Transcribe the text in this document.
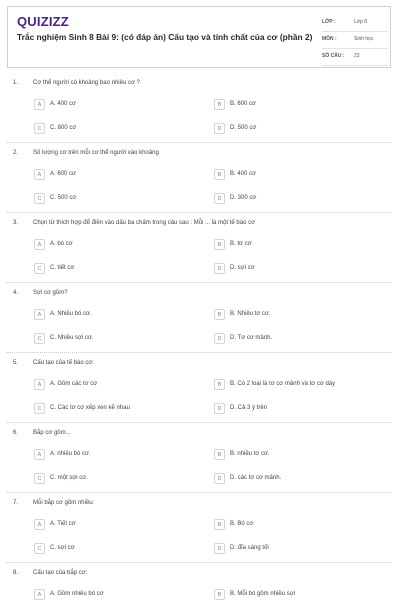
QUIZIZZ
Trắc nghiệm Sinh 8 Bài 9: (có đáp án) Cấu tạo và tính chất của cơ (phần 2)
LỚP :	Lớp 8
MÔN :	Sinh học
SỐ CÂU : 23
1. Cơ thể người có khoảng bao nhiêu cơ ?
A	A. 400 cơ	B	B. 600 cơ
C	C. 800 cơ	D	D. 500 cơ
2. Số lượng cơ trên mỗi cơ thể người vào khoảng
A	A. 600 cơ	B	B. 400 cơ
C	C. 500 cơ	D	D. 300 cơ
3. Chọn từ thích hợp để điền vào dấu ba chấm trong câu sau : Mỗi ... là một tế bào cơ
A	A. bó cơ	B	B. tơ cơ
C	C. tiết cơ	D	D. sợi cơ
4. Sợi cơ gồm?
A	A. Nhiều bó cơ.	B	B. Nhiều tơ cơ.
C	C. Nhiều sợi cơ.	D	D. Tơ cơ mảnh.
5. Cấu tạo của tế bào cơ:
A	A. Gồm các tơ cơ	B	B. Có 2 loại là tơ cơ mảnh và tơ cơ dày
C	C. Các tơ cơ xếp xen kẽ nhau	D	D. Cả 3 ý trên
6. Bắp cơ gồm...
A	A. nhiều bó cơ.	B	B. nhiều tơ cơ.
C	C. một sợi cơ.	D	D. các tơ cơ mảnh.
7. Mỗi bắp cơ gồm nhiều:
A	A. Tiết cơ	B	B. Bó cơ
C	C. sợi cơ	D	D. đĩa sáng tối
8. Cấu tạo của bắp cơ:
A	A. Gồm nhiều bó cơ	B	B. Mỗi bó gồm nhiều sợi
